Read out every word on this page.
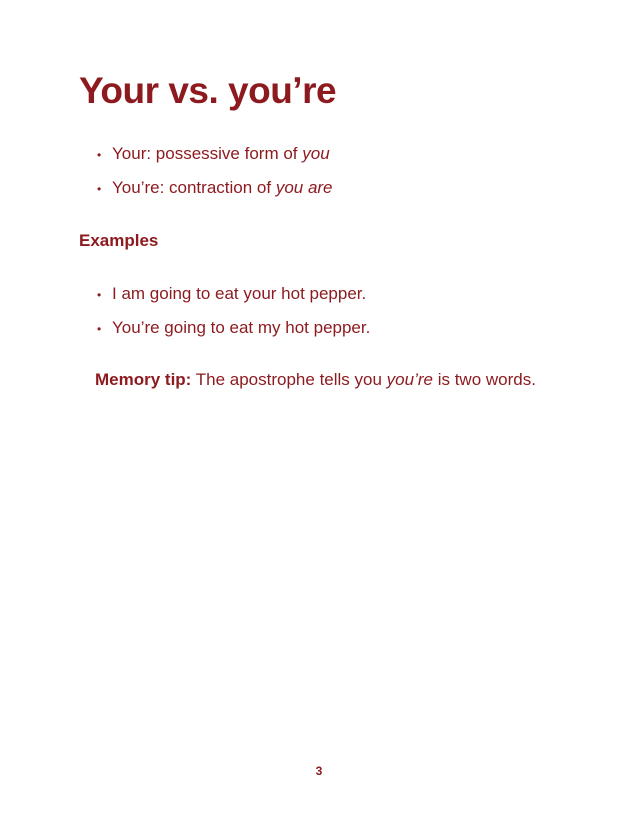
Your vs. you’re
• Your: possessive form of you
• You’re: contraction of you are
Examples
• I am going to eat your hot pepper.
• You’re going to eat my hot pepper.

Memory tip: The apostrophe tells you you’re is two words.

3
